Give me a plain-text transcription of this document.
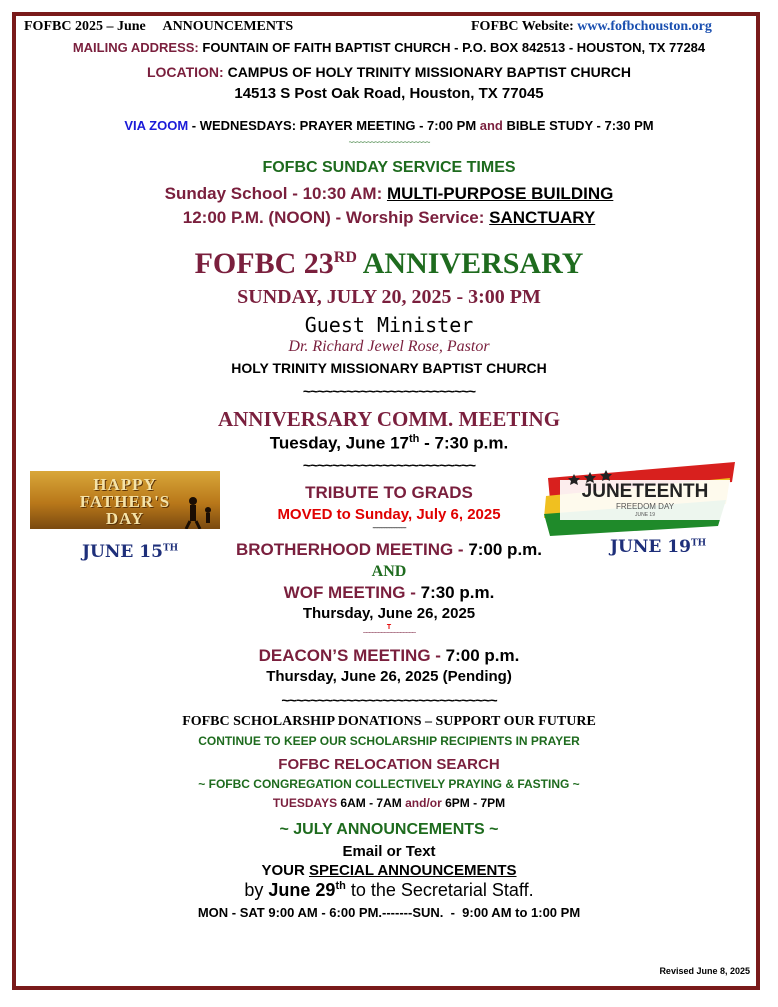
FOFBC 2025 – June     ANNOUNCEMENTS	FOFBC Website: www.fofbchouston.org
MAILING ADDRESS: FOUNTAIN OF FAITH BAPTIST CHURCH - P.O. BOX 842513 - HOUSTON, TX 77284
LOCATION: CAMPUS OF HOLY TRINITY MISSIONARY BAPTIST CHURCH
14513 S Post Oak Road, Houston, TX 77045
VIA ZOOM - WEDNESDAYS: PRAYER MEETING - 7:00 PM and BIBLE STUDY - 7:30 PM
~~~~~~~~~~~~~~~~~~~~~~
FOFBC SUNDAY SERVICE TIMES
Sunday School - 10:30 AM: MULTI-PURPOSE BUILDING
12:00 P.M. (NOON) - Worship Service: SANCTUARY
FOFBC 23RD ANNIVERSARY
SUNDAY, JULY 20, 2025 - 3:00 PM
Guest Minister
Dr. Richard Jewel Rose, Pastor
HOLY TRINITY MISSIONARY BAPTIST CHURCH
~~~~~~~~~~~~~~~~~~~~~~~~
ANNIVERSARY COMM. MEETING
Tuesday, June 17th - 7:30 p.m.
~~~~~~~~~~~~~~~~~~~~~~~~
HAPPY FATHER'S DAY
JUNE 15TH
JUNETEENTH
FREEDOM DAY
JUNE 19
JUNE 19TH
TRIBUTE TO GRADS
MOVED to Sunday, July 6, 2025
--------------------
BROTHERHOOD MEETING - 7:00 p.m.
AND
WOF MEETING - 7:30 p.m.
Thursday, June 26, 2025
T
~~~~~~~~~~~~~~~~~
DEACON’S MEETING - 7:00 p.m.
Thursday, June 26, 2025 (Pending)
~~~~~~~~~~~~~~~~~~~~~~~~~~~~~~
FOFBC SCHOLARSHIP DONATIONS – SUPPORT OUR FUTURE
CONTINUE TO KEEP OUR SCHOLARSHIP RECIPIENTS IN PRAYER
FOFBC RELOCATION SEARCH
~ FOFBC CONGREGATION COLLECTIVELY PRAYING & FASTING ~
TUESDAYS 6AM - 7AM and/or 6PM - 7PM
~ JULY ANNOUNCEMENTS ~
Email or Text
YOUR SPECIAL ANNOUNCEMENTS
by June 29th to the Secretarial Staff.
MON - SAT 9:00 AM - 6:00 PM.-------SUN.  -  9:00 AM to 1:00 PM
Revised June 8, 2025
